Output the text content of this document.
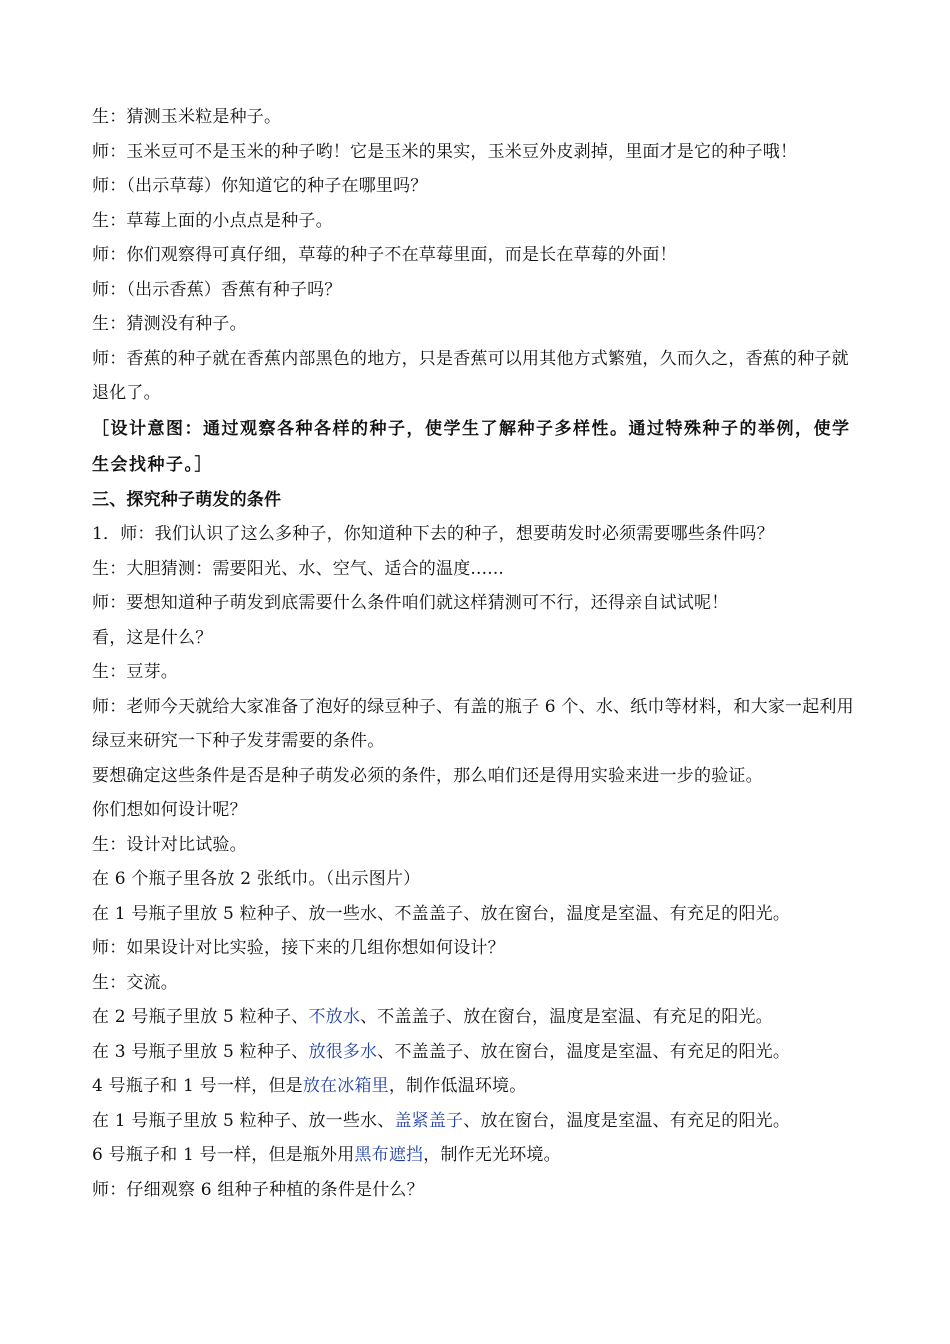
生：猜测玉米粒是种子。
师：玉米豆可不是玉米的种子哟！它是玉米的果实，玉米豆外皮剥掉，里面才是它的种子哦！
师：（出示草莓）你知道它的种子在哪里吗？
生：草莓上面的小点点是种子。
师：你们观察得可真仔细，草莓的种子不在草莓里面，而是长在草莓的外面！
师：（出示香蕉）香蕉有种子吗？
生：猜测没有种子。
师：香蕉的种子就在香蕉内部黑色的地方，只是香蕉可以用其他方式繁殖，久而久之，香蕉的种子就退化了。
［设计意图：通过观察各种各样的种子，使学生了解种子多样性。通过特殊种子的举例，使学生会找种子。］
三、探究种子萌发的条件
1．师：我们认识了这么多种子，你知道种下去的种子，想要萌发时必须需要哪些条件吗？
生：大胆猜测：需要阳光、水、空气、适合的温度......
师：要想知道种子萌发到底需要什么条件咱们就这样猜测可不行，还得亲自试试呢！
看，这是什么？
生：豆芽。
师：老师今天就给大家准备了泡好的绿豆种子、有盖的瓶子 6 个、水、纸巾等材料，和大家一起利用绿豆来研究一下种子发芽需要的条件。
要想确定这些条件是否是种子萌发必须的条件，那么咱们还是得用实验来进一步的验证。
你们想如何设计呢？
生：设计对比试验。
在 6 个瓶子里各放 2 张纸巾。（出示图片）
在 1 号瓶子里放 5 粒种子、放一些水、不盖盖子、放在窗台，温度是室温、有充足的阳光。
师：如果设计对比实验，接下来的几组你想如何设计？
生：交流。
在 2 号瓶子里放 5 粒种子、不放水、不盖盖子、放在窗台，温度是室温、有充足的阳光。
在 3 号瓶子里放 5 粒种子、放很多水、不盖盖子、放在窗台，温度是室温、有充足的阳光。
4 号瓶子和 1 号一样，但是放在冰箱里，制作低温环境。
在 1 号瓶子里放 5 粒种子、放一些水、盖紧盖子、放在窗台，温度是室温、有充足的阳光。
6 号瓶子和 1 号一样，但是瓶外用黑布遮挡，制作无光环境。
师：仔细观察 6 组种子种植的条件是什么？
